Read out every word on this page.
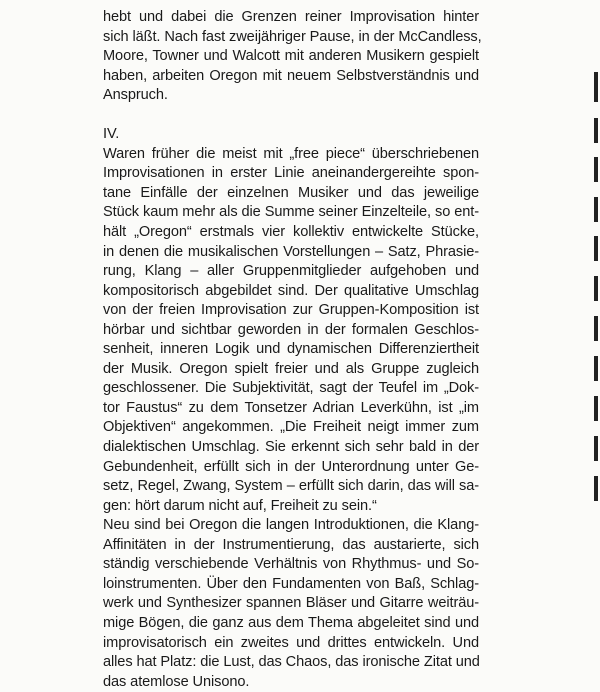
hebt und dabei die Grenzen reiner Improvisation hinter
sich läßt. Nach fast zweijähriger Pause, in der McCandless,
Moore, Towner und Walcott mit anderen Musikern gespielt
haben, arbeiten Oregon mit neuem Selbstverständnis und
Anspruch.

IV.

Waren früher die meist mit „free piece“ überschriebenen
Improvisationen in erster Linie aneinandergereihte spon-
tane Einfälle der einzelnen Musiker und das jeweilige
Stück kaum mehr als die Summe seiner Einzelteile, so ent-
hält „Oregon“ erstmals vier kollektiv entwickelte Stücke,
in denen die musikalischen Vorstellungen – Satz, Phrasie-
rung, Klang – aller Gruppenmitglieder aufgehoben und
kompositorisch abgebildet sind. Der qualitative Umschlag
von der freien Improvisation zur Gruppen-Komposition ist
hörbar und sichtbar geworden in der formalen Geschlos-
senheit, inneren Logik und dynamischen Differenziertheit
der Musik. Oregon spielt freier und als Gruppe zugleich
geschlossener. Die Subjektivität, sagt der Teufel im „Dok-
tor Faustus“ zu dem Tonsetzer Adrian Leverkühn, ist „im
Objektiven“ angekommen. „Die Freiheit neigt immer zum
dialektischen Umschlag. Sie erkennt sich sehr bald in der
Gebundenheit, erfüllt sich in der Unterordnung unter Ge-
setz, Regel, Zwang, System – erfüllt sich darin, das will sa-
gen: hört darum nicht auf, Freiheit zu sein.“

Neu sind bei Oregon die langen Introduktionen, die Klang-
Affinitäten in der Instrumentierung, das austarierte, sich
ständig verschiebende Verhältnis von Rhythmus- und So-
loinstrumenten. Über den Fundamenten von Baß, Schlag-
werk und Synthesizer spannen Bläser und Gitarre weiträu-
mige Bögen, die ganz aus dem Thema abgeleitet sind und
improvisatorisch ein zweites und drittes entwickeln. Und
alles hat Platz: die Lust, das Chaos, das ironische Zitat und
das atemlose Unisono.
